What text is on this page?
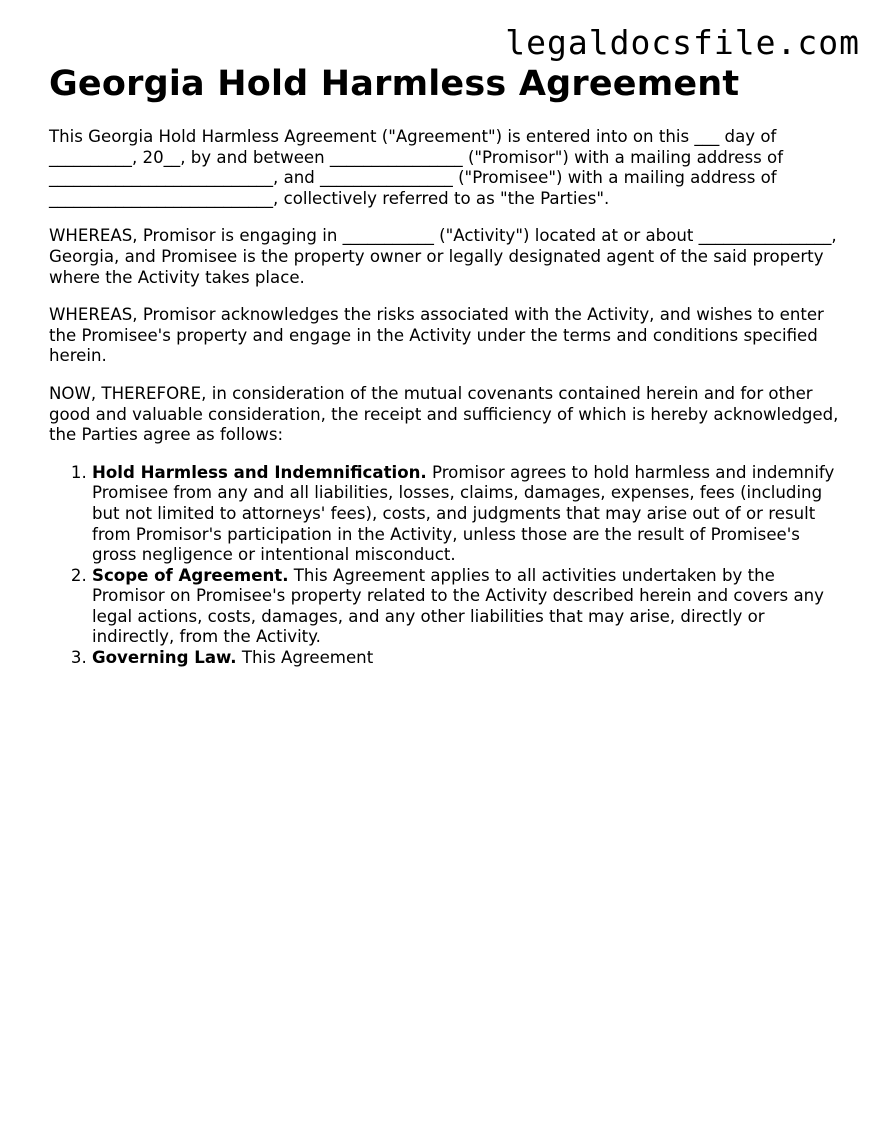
legaldocsfile.com
Georgia Hold Harmless Agreement

This Georgia Hold Harmless Agreement ("Agreement") is entered into on this ___ day of __________, 20__, by and between ________________ ("Promisor") with a mailing address of ___________________________, and ________________ ("Promisee") with a mailing address of ___________________________, collectively referred to as "the Parties".

WHEREAS, Promisor is engaging in ___________ ("Activity") located at or about ________________, Georgia, and Promisee is the property owner or legally designated agent of the said property where the Activity takes place.

WHEREAS, Promisor acknowledges the risks associated with the Activity, and wishes to enter the Promisee's property and engage in the Activity under the terms and conditions specified herein.

NOW, THEREFORE, in consideration of the mutual covenants contained herein and for other good and valuable consideration, the receipt and sufficiency of which is hereby acknowledged, the Parties agree as follows:

1. Hold Harmless and Indemnification. Promisor agrees to hold harmless and indemnify Promisee from any and all liabilities, losses, claims, damages, expenses, fees (including but not limited to attorneys' fees), costs, and judgments that may arise out of or result from Promisor's participation in the Activity, unless those are the result of Promisee's gross negligence or intentional misconduct.
2. Scope of Agreement. This Agreement applies to all activities undertaken by the Promisor on Promisee's property related to the Activity described herein and covers any legal actions, costs, damages, and any other liabilities that may arise, directly or indirectly, from the Activity.
3. Governing Law. This Agreement
